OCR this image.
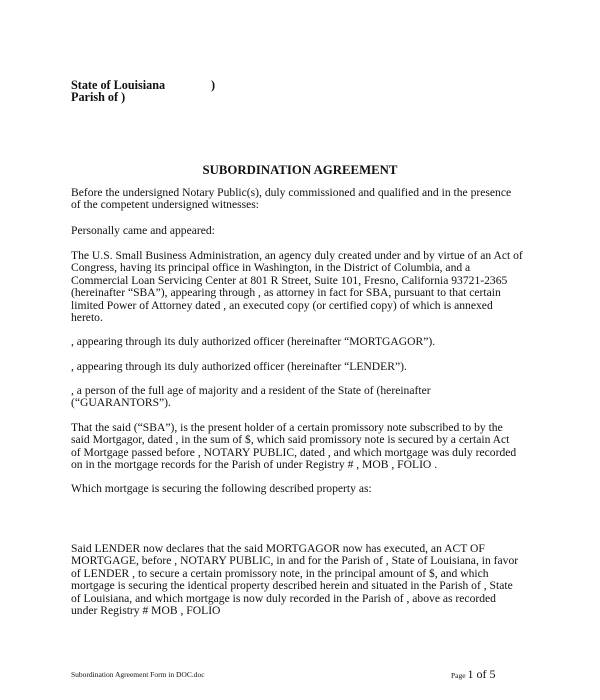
State of Louisiana
Parish of )
)
SUBORDINATION AGREEMENT
Before the undersigned Notary Public(s), duly commissioned and qualified and in the presence
of the competent undersigned witnesses:
Personally came and appeared:
The U.S. Small Business Administration, an agency duly created under and by virtue of an Act of
Congress, having its principal office in Washington, in the District of Columbia, and a
Commercial Loan Servicing Center at 801 R Street, Suite 101, Fresno, California 93721-2365
(hereinafter “SBA”), appearing through , as attorney in fact for SBA, pursuant to that certain
limited Power of Attorney dated , an executed copy (or certified copy) of which is annexed
hereto.
, appearing through its duly authorized officer (hereinafter “MORTGAGOR”).
, appearing through its duly authorized officer (hereinafter “LENDER”).
, a person of the full age of majority and a resident of the State of (hereinafter
(“GUARANTORS”).
That the said (“SBA”), is the present holder of a certain promissory note subscribed to by the
said Mortgagor, dated , in the sum of $, which said promissory note is secured by a certain Act
of Mortgage passed before , NOTARY PUBLIC, dated , and which mortgage was duly recorded
on in the mortgage records for the Parish of under Registry # , MOB , FOLIO .
Which mortgage is securing the following described property as:
Said LENDER now declares that the said MORTGAGOR now has executed, an ACT OF
MORTGAGE, before , NOTARY PUBLIC, in and for the Parish of , State of Louisiana, in favor
of LENDER , to secure a certain promissory note, in the principal amount of $, and which
mortgage is securing the identical property described herein and situated in the Parish of , State
of Louisiana, and which mortgage is now duly recorded in the Parish of , above as recorded
under Registry # MOB , FOLIO
Subordination Agreement Form in DOC.doc	Page 1 of 5
